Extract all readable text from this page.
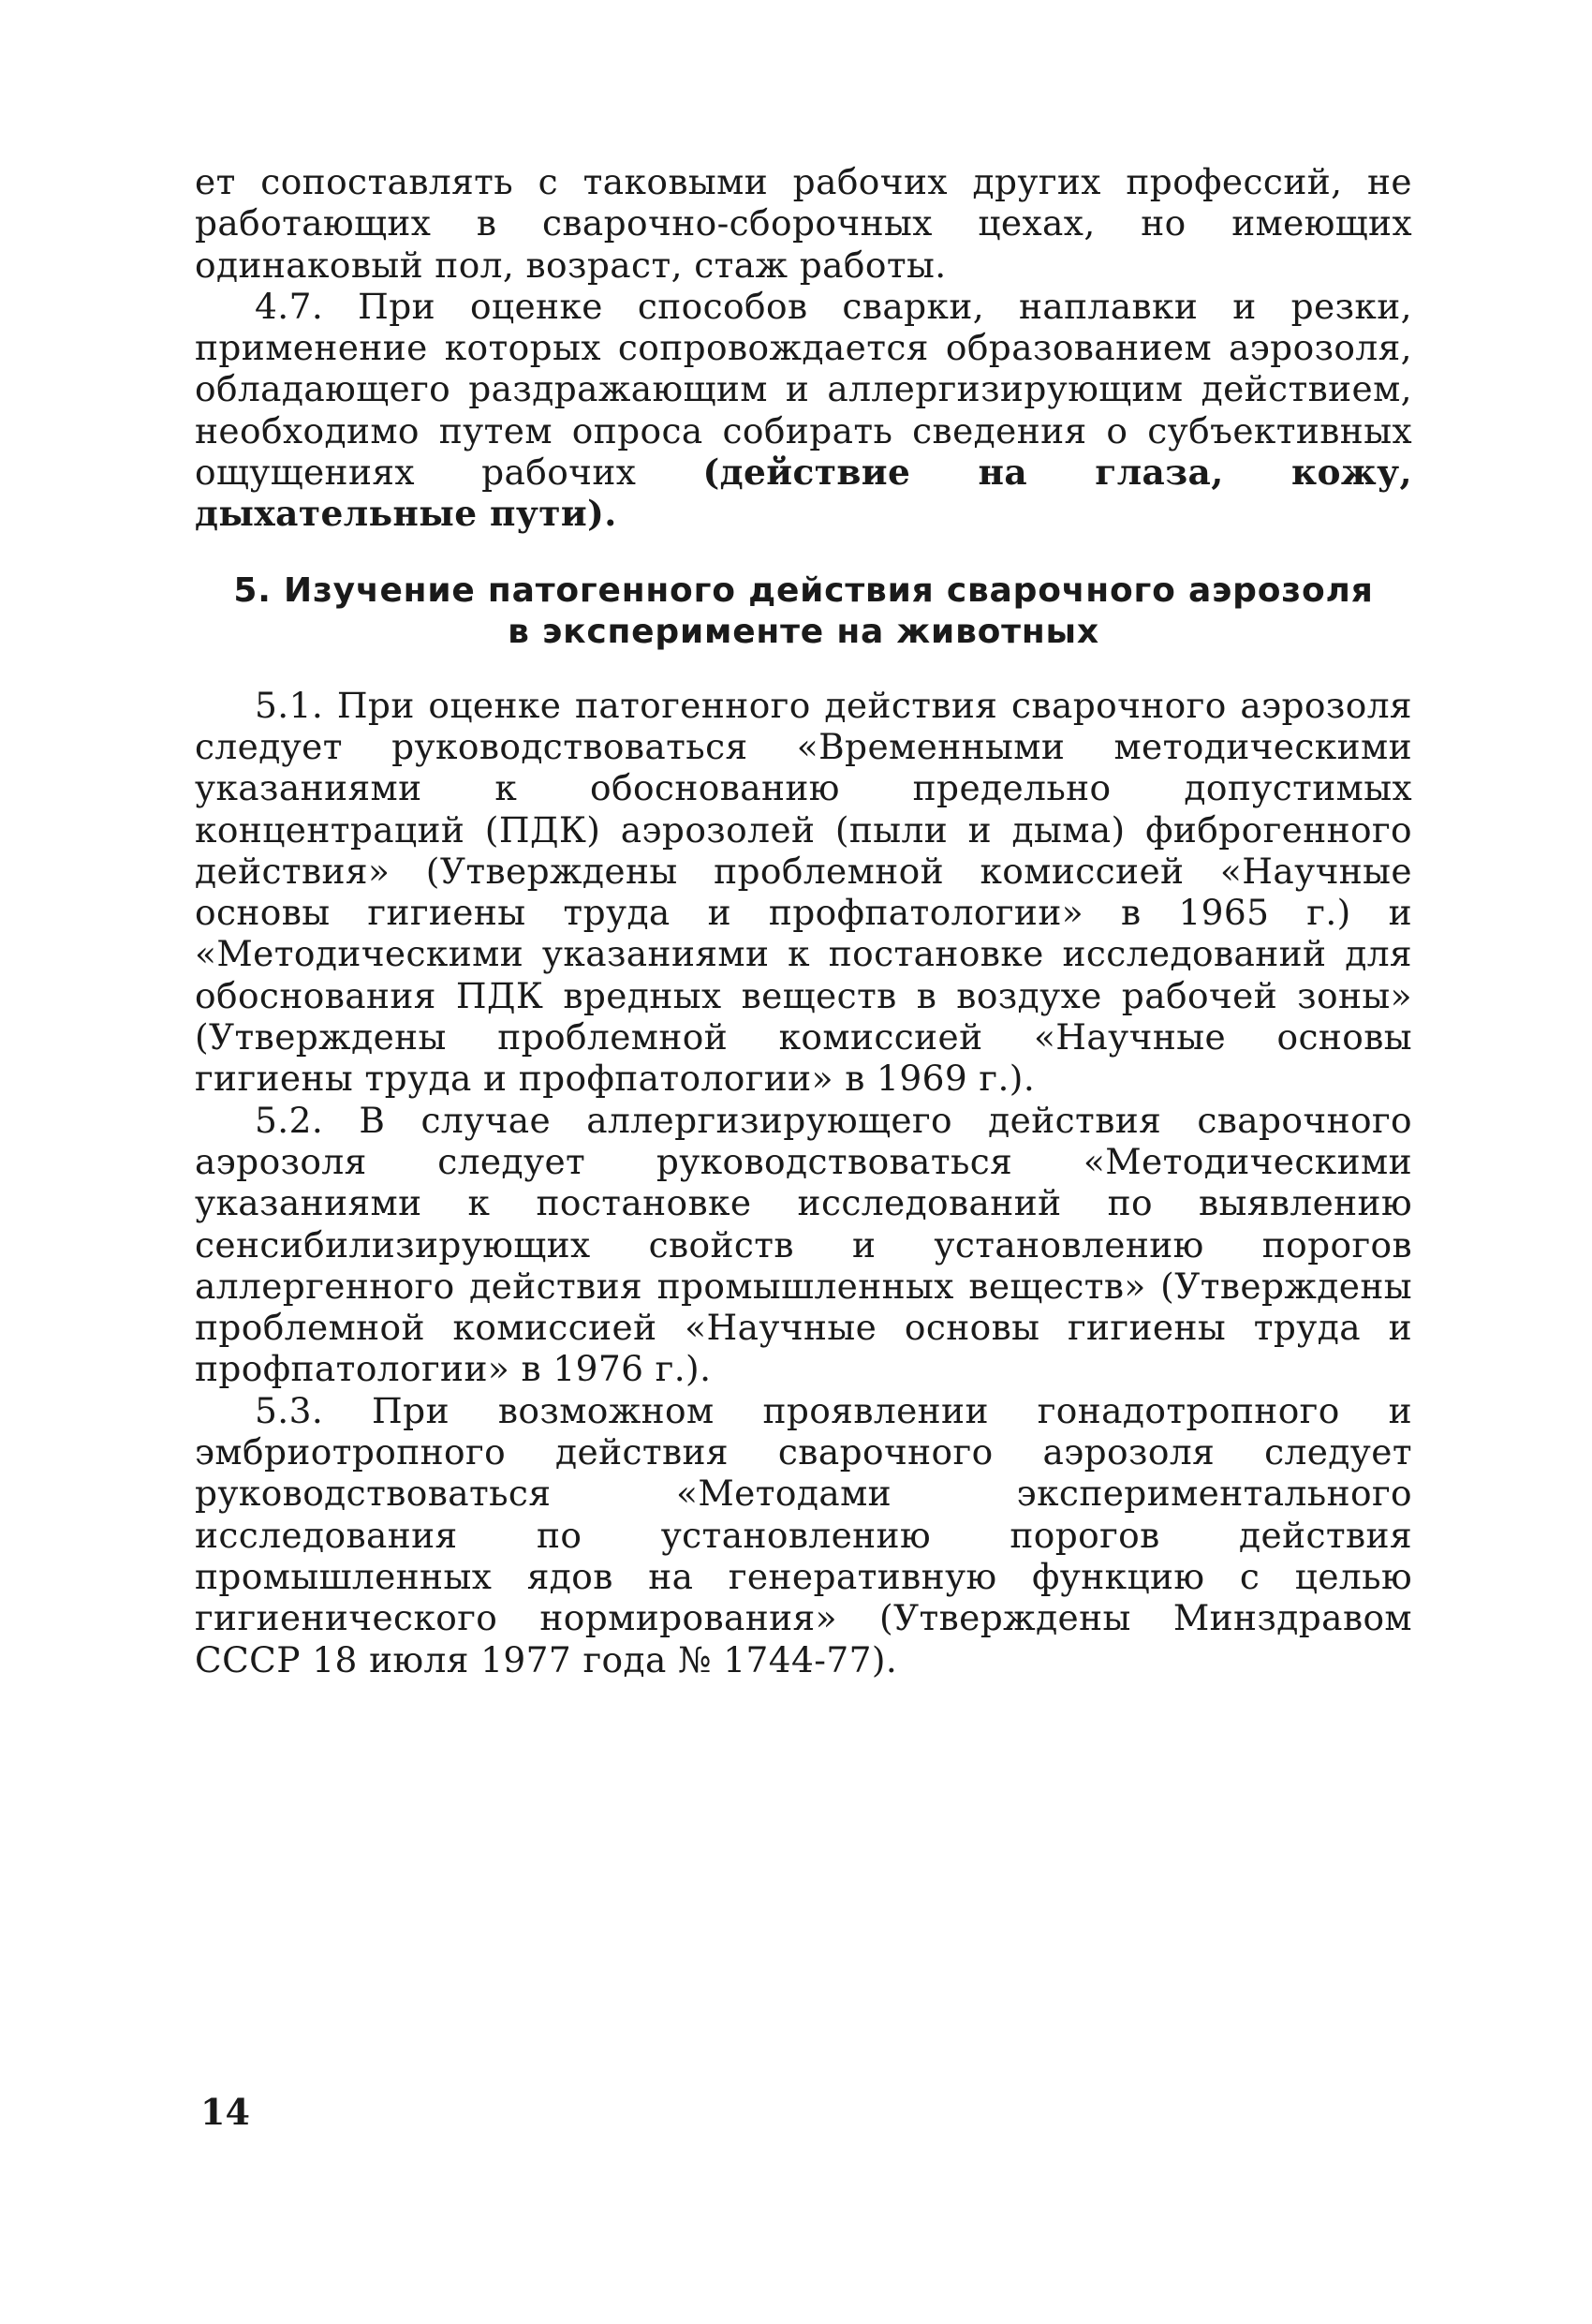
ет сопоставлять с таковыми рабочих других профессий, не работающих в сварочно-сборочных цехах, но имеющих одинаковый пол, возраст, стаж работы.

4.7. При оценке способов сварки, наплавки и резки, применение которых сопровождается образованием аэрозоля, обладающего раздражающим и аллергизирующим действием, необходимо путем опроса собирать сведения о субъективных ощущениях рабочих (действие на глаза, кожу, дыхательные пути).

5. Изучение патогенного действия сварочного аэрозоля
в эксперименте на животных

5.1. При оценке патогенного действия сварочного аэрозоля следует руководствоваться «Временными методическими указаниями к обоснованию предельно допустимых концентраций (ПДК) аэрозолей (пыли и дыма) фиброгенного действия» (Утверждены проблемной комиссией «Научные основы гигиены труда и профпатологии» в 1965 г.) и «Методическими указаниями к постановке исследований для обоснования ПДК вредных веществ в воздухе рабочей зоны» (Утверждены проблемной комиссией «Научные основы гигиены труда и профпатологии» в 1969 г.).

5.2. В случае аллергизирующего действия сварочного аэрозоля следует руководствоваться «Методическими указаниями к постановке исследований по выявлению сенсибилизирующих свойств и установлению порогов аллергенного действия промышленных веществ» (Утверждены проблемной комиссией «Научные основы гигиены труда и профпатологии» в 1976 г.).

5.3. При возможном проявлении гонадотропного и эмбриотропного действия сварочного аэрозоля следует руководствоваться «Методами экспериментального исследования по установлению порогов действия промышленных ядов на генеративную функцию с целью гигиенического нормирования» (Утверждены Минздравом СССР 18 июля 1977 года № 1744-77).

14
